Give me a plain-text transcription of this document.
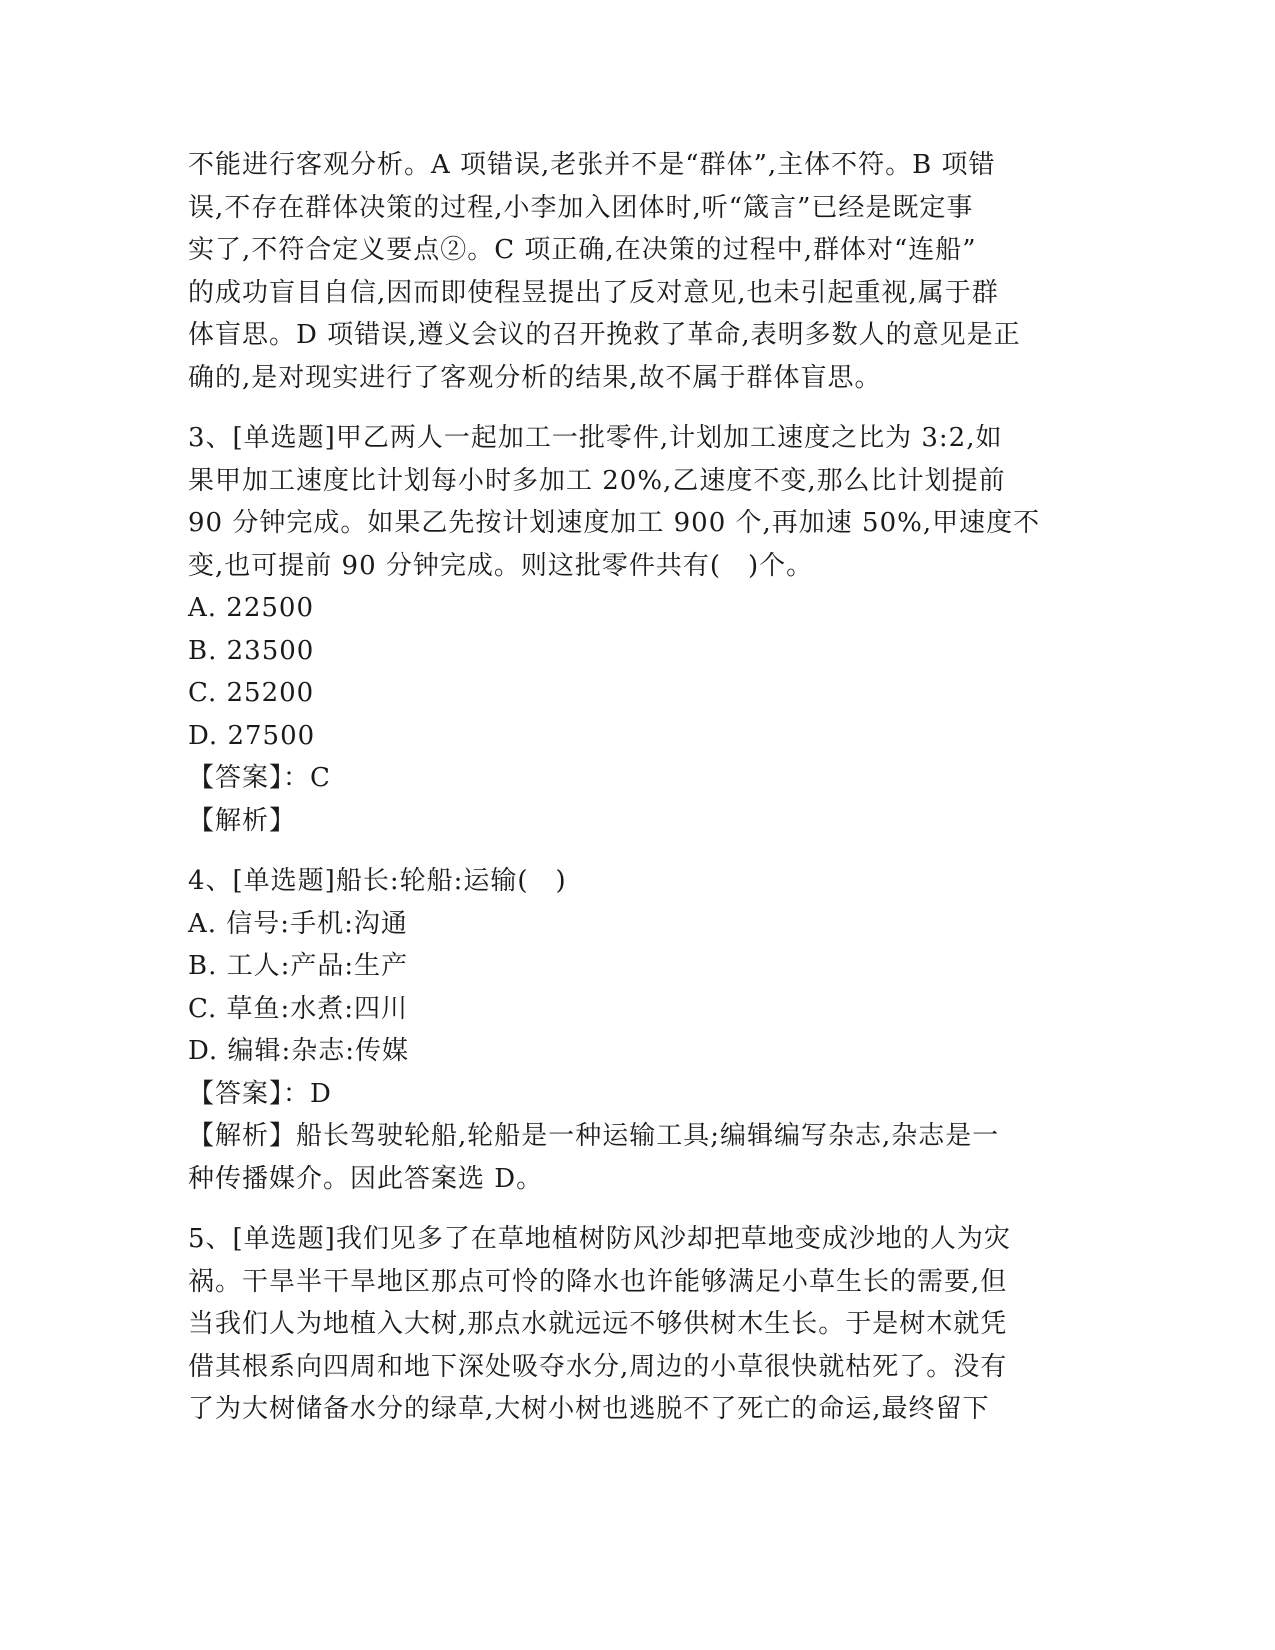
不能进行客观分析。A 项错误,老张并不是“群体”,主体不符。B 项错
误,不存在群体决策的过程,小李加入团体时,听“箴言”已经是既定事
实了,不符合定义要点②。C 项正确,在决策的过程中,群体对“连船”
的成功盲目自信,因而即使程昱提出了反对意见,也未引起重视,属于群
体盲思。D 项错误,遵义会议的召开挽救了革命,表明多数人的意见是正
确的,是对现实进行了客观分析的结果,故不属于群体盲思。
3、[单选题]甲乙两人一起加工一批零件,计划加工速度之比为 3:2,如
果甲加工速度比计划每小时多加工 20%,乙速度不变,那么比计划提前
90 分钟完成。如果乙先按计划速度加工 900 个,再加速 50%,甲速度不
变,也可提前 90 分钟完成。则这批零件共有(　)个。
A. 22500
B. 23500
C. 25200
D. 27500
【答案】：C
【解析】
4、[单选题]船长:轮船:运输(　)
A. 信号:手机:沟通
B. 工人:产品:生产
C. 草鱼:水煮:四川
D. 编辑:杂志:传媒
【答案】：D
【解析】船长驾驶轮船,轮船是一种运输工具;编辑编写杂志,杂志是一
种传播媒介。因此答案选 D。
5、[单选题]我们见多了在草地植树防风沙却把草地变成沙地的人为灾
祸。干旱半干旱地区那点可怜的降水也许能够满足小草生长的需要,但
当我们人为地植入大树,那点水就远远不够供树木生长。于是树木就凭
借其根系向四周和地下深处吸夺水分,周边的小草很快就枯死了。没有
了为大树储备水分的绿草,大树小树也逃脱不了死亡的命运,最终留下
